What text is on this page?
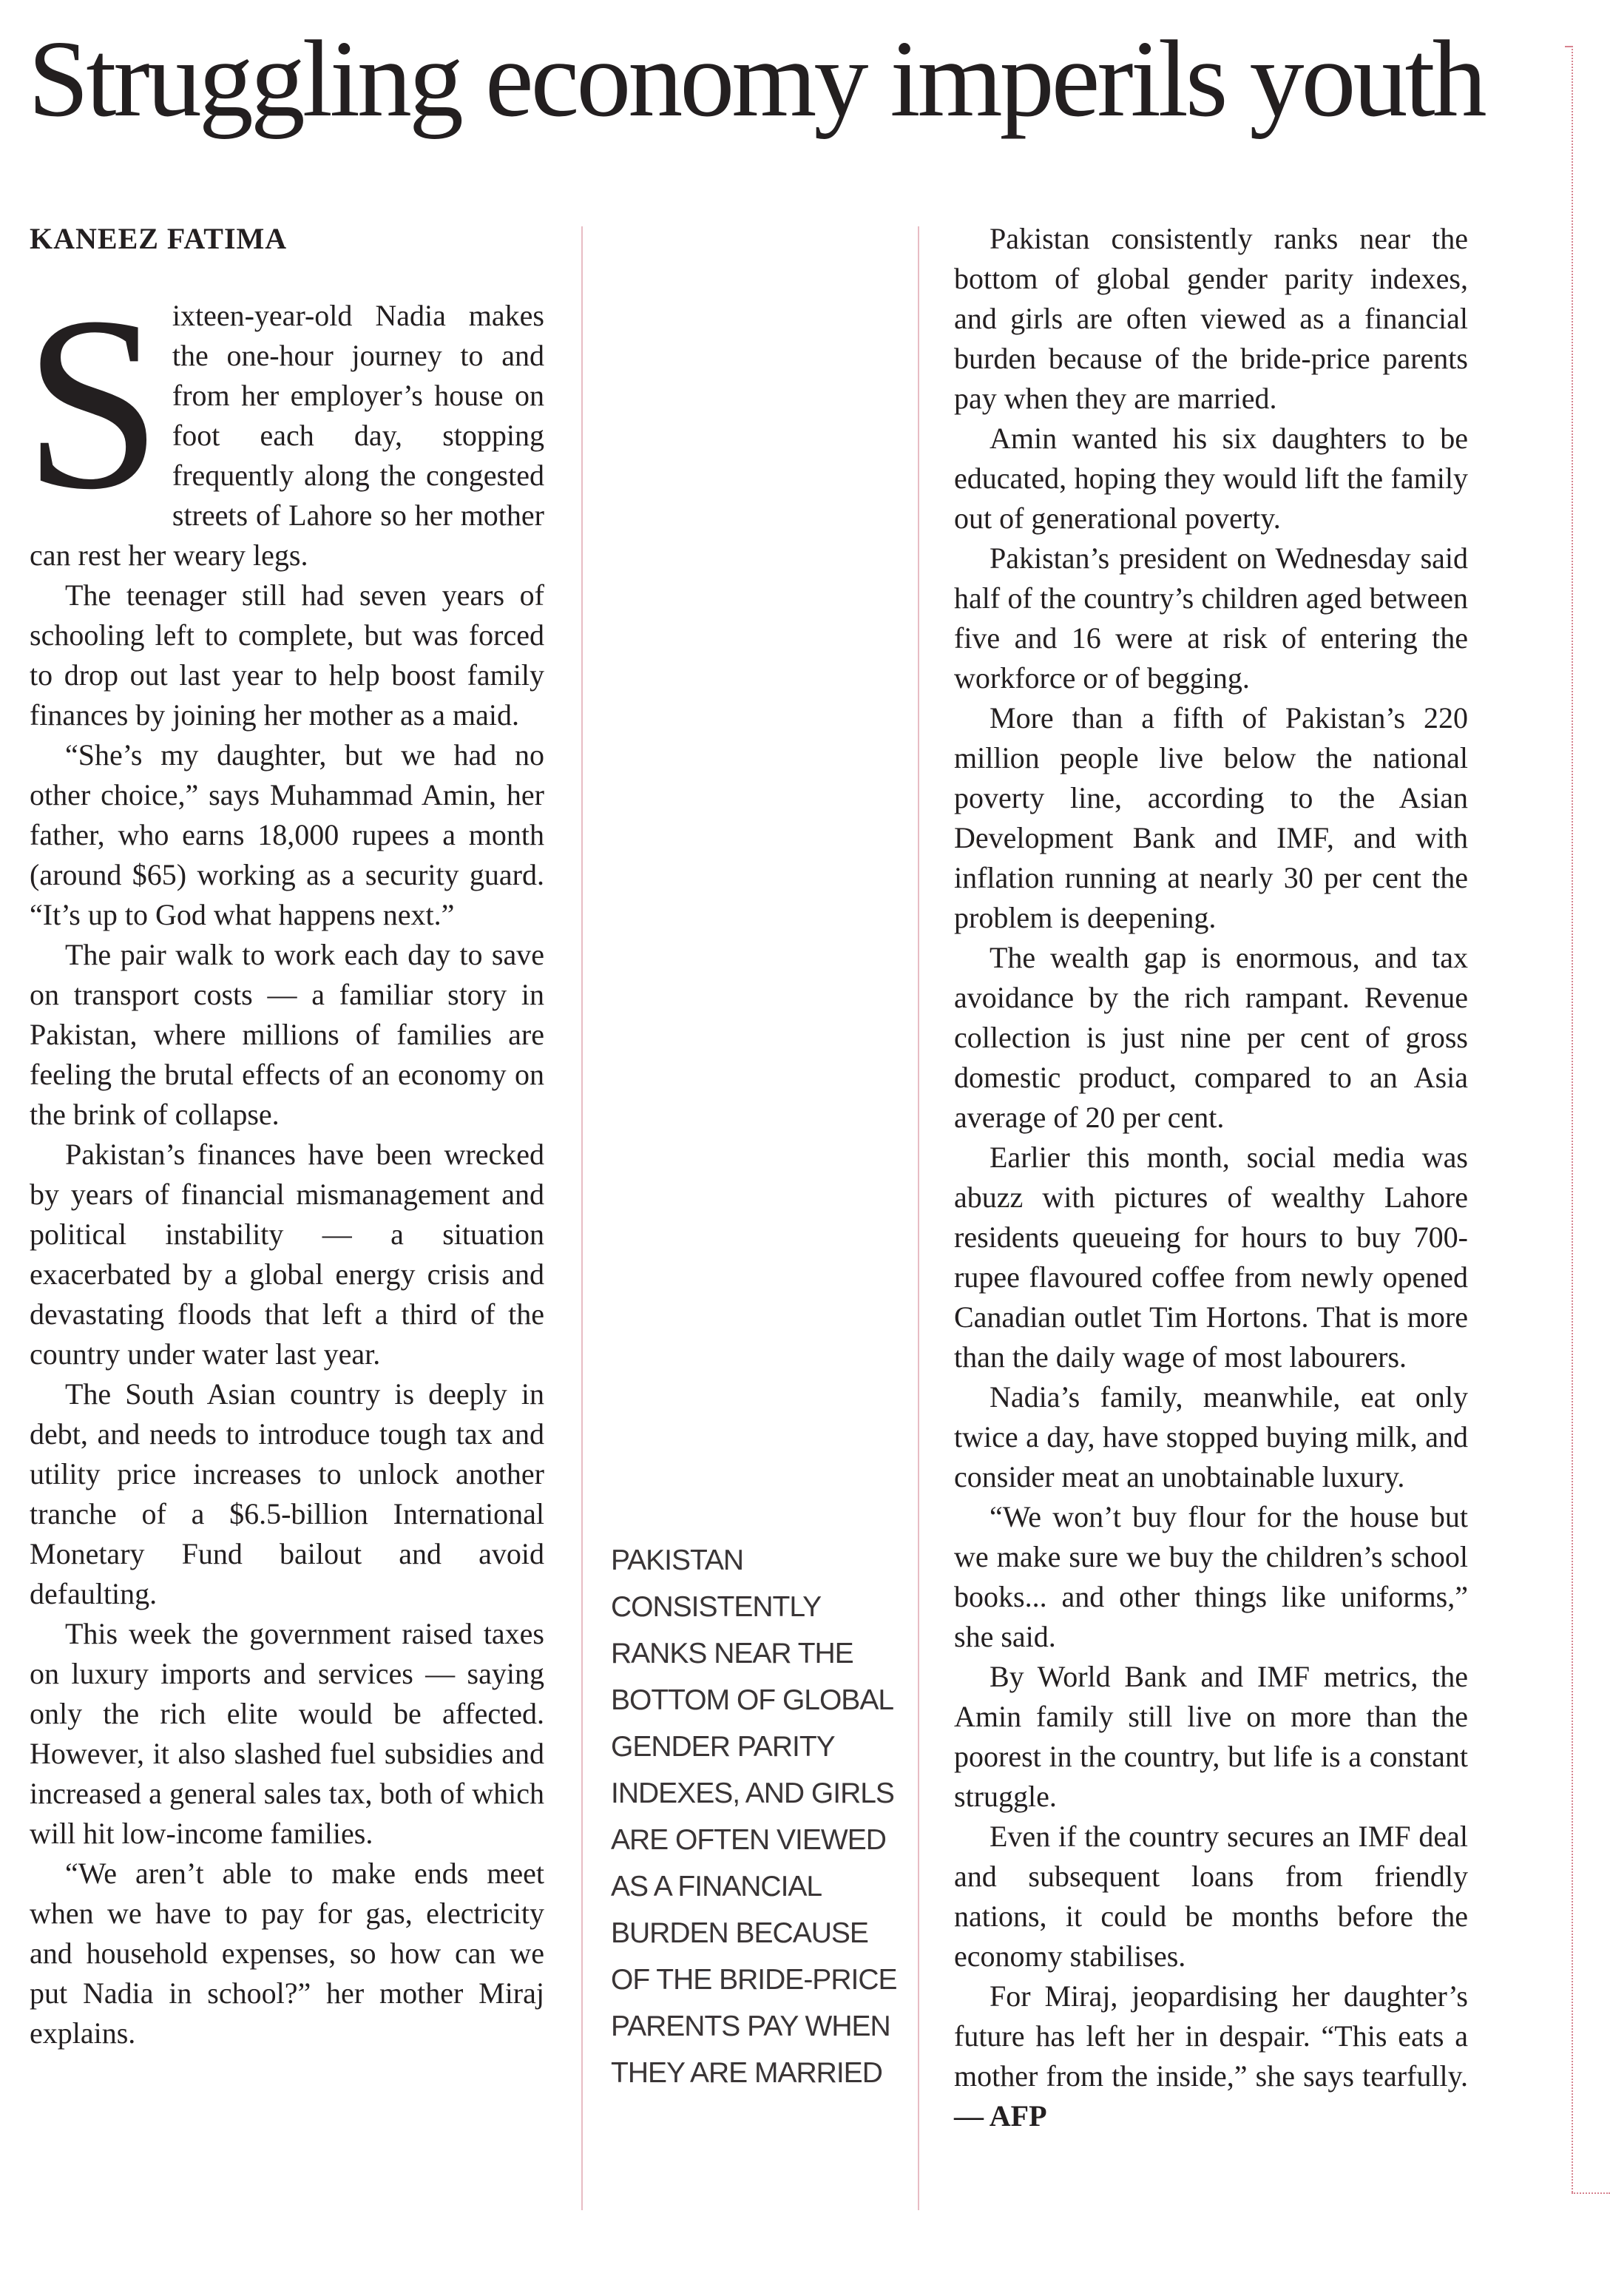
Struggling economy imperils youth
KANEEZ FATIMA

Sixteen-year-old Nadia makes the one-hour journey to and from her employer’s house on foot each day, stopping frequently along the congested streets of Lahore so her mother can rest her weary legs.

The teenager still had seven years of schooling left to complete, but was forced to drop out last year to help boost family finances by joining her mother as a maid.

“She’s my daughter, but we had no other choice,” says Muhammad Amin, her father, who earns 18,000 rupees a month (around $65) working as a security guard. “It’s up to God what happens next.”

The pair walk to work each day to save on transport costs — a familiar story in Pakistan, where millions of families are feeling the brutal effects of an economy on the brink of collapse.

Pakistan’s finances have been wrecked by years of financial mismanagement and political instability — a situation exacerbated by a global energy crisis and devastating floods that left a third of the country under water last year.

The South Asian country is deeply in debt, and needs to introduce tough tax and utility price increases to unlock another tranche of a $6.5-billion International Monetary Fund bailout and avoid defaulting.

This week the government raised taxes on luxury imports and services — saying only the rich elite would be affected. However, it also slashed fuel subsidies and increased a general sales tax, both of which will hit low-income families.

“We aren’t able to make ends meet when we have to pay for gas, electricity and household expenses, so how can we put Nadia in school?” her mother Miraj explains.

PAKISTAN CONSISTENTLY RANKS NEAR THE BOTTOM OF GLOBAL GENDER PARITY INDEXES, AND GIRLS ARE OFTEN VIEWED AS A FINANCIAL BURDEN BECAUSE OF THE BRIDE-PRICE PARENTS PAY WHEN THEY ARE MARRIED

Pakistan consistently ranks near the bottom of global gender parity indexes, and girls are often viewed as a financial burden because of the bride-price parents pay when they are married.

Amin wanted his six daughters to be educated, hoping they would lift the family out of generational poverty.

Pakistan’s president on Wednesday said half of the country’s children aged between five and 16 were at risk of entering the workforce or of begging.

More than a fifth of Pakistan’s 220 million people live below the national poverty line, according to the Asian Development Bank and IMF, and with inflation running at nearly 30 per cent the problem is deepening.

The wealth gap is enormous, and tax avoidance by the rich rampant. Revenue collection is just nine per cent of gross domestic product, compared to an Asia average of 20 per cent.

Earlier this month, social media was abuzz with pictures of wealthy Lahore residents queueing for hours to buy 700-rupee flavoured coffee from newly opened Canadian outlet Tim Hortons. That is more than the daily wage of most labourers.

Nadia’s family, meanwhile, eat only twice a day, have stopped buying milk, and consider meat an unobtainable luxury.

“We won’t buy flour for the house but we make sure we buy the children’s school books... and other things like uniforms,” she said.

By World Bank and IMF metrics, the Amin family still live on more than the poorest in the country, but life is a constant struggle.

Even if the country secures an IMF deal and subsequent loans from friendly nations, it could be months before the economy stabilises.

For Miraj, jeopardising her daughter’s future has left her in despair. “This eats a mother from the inside,” she says tearfully. — AFP
